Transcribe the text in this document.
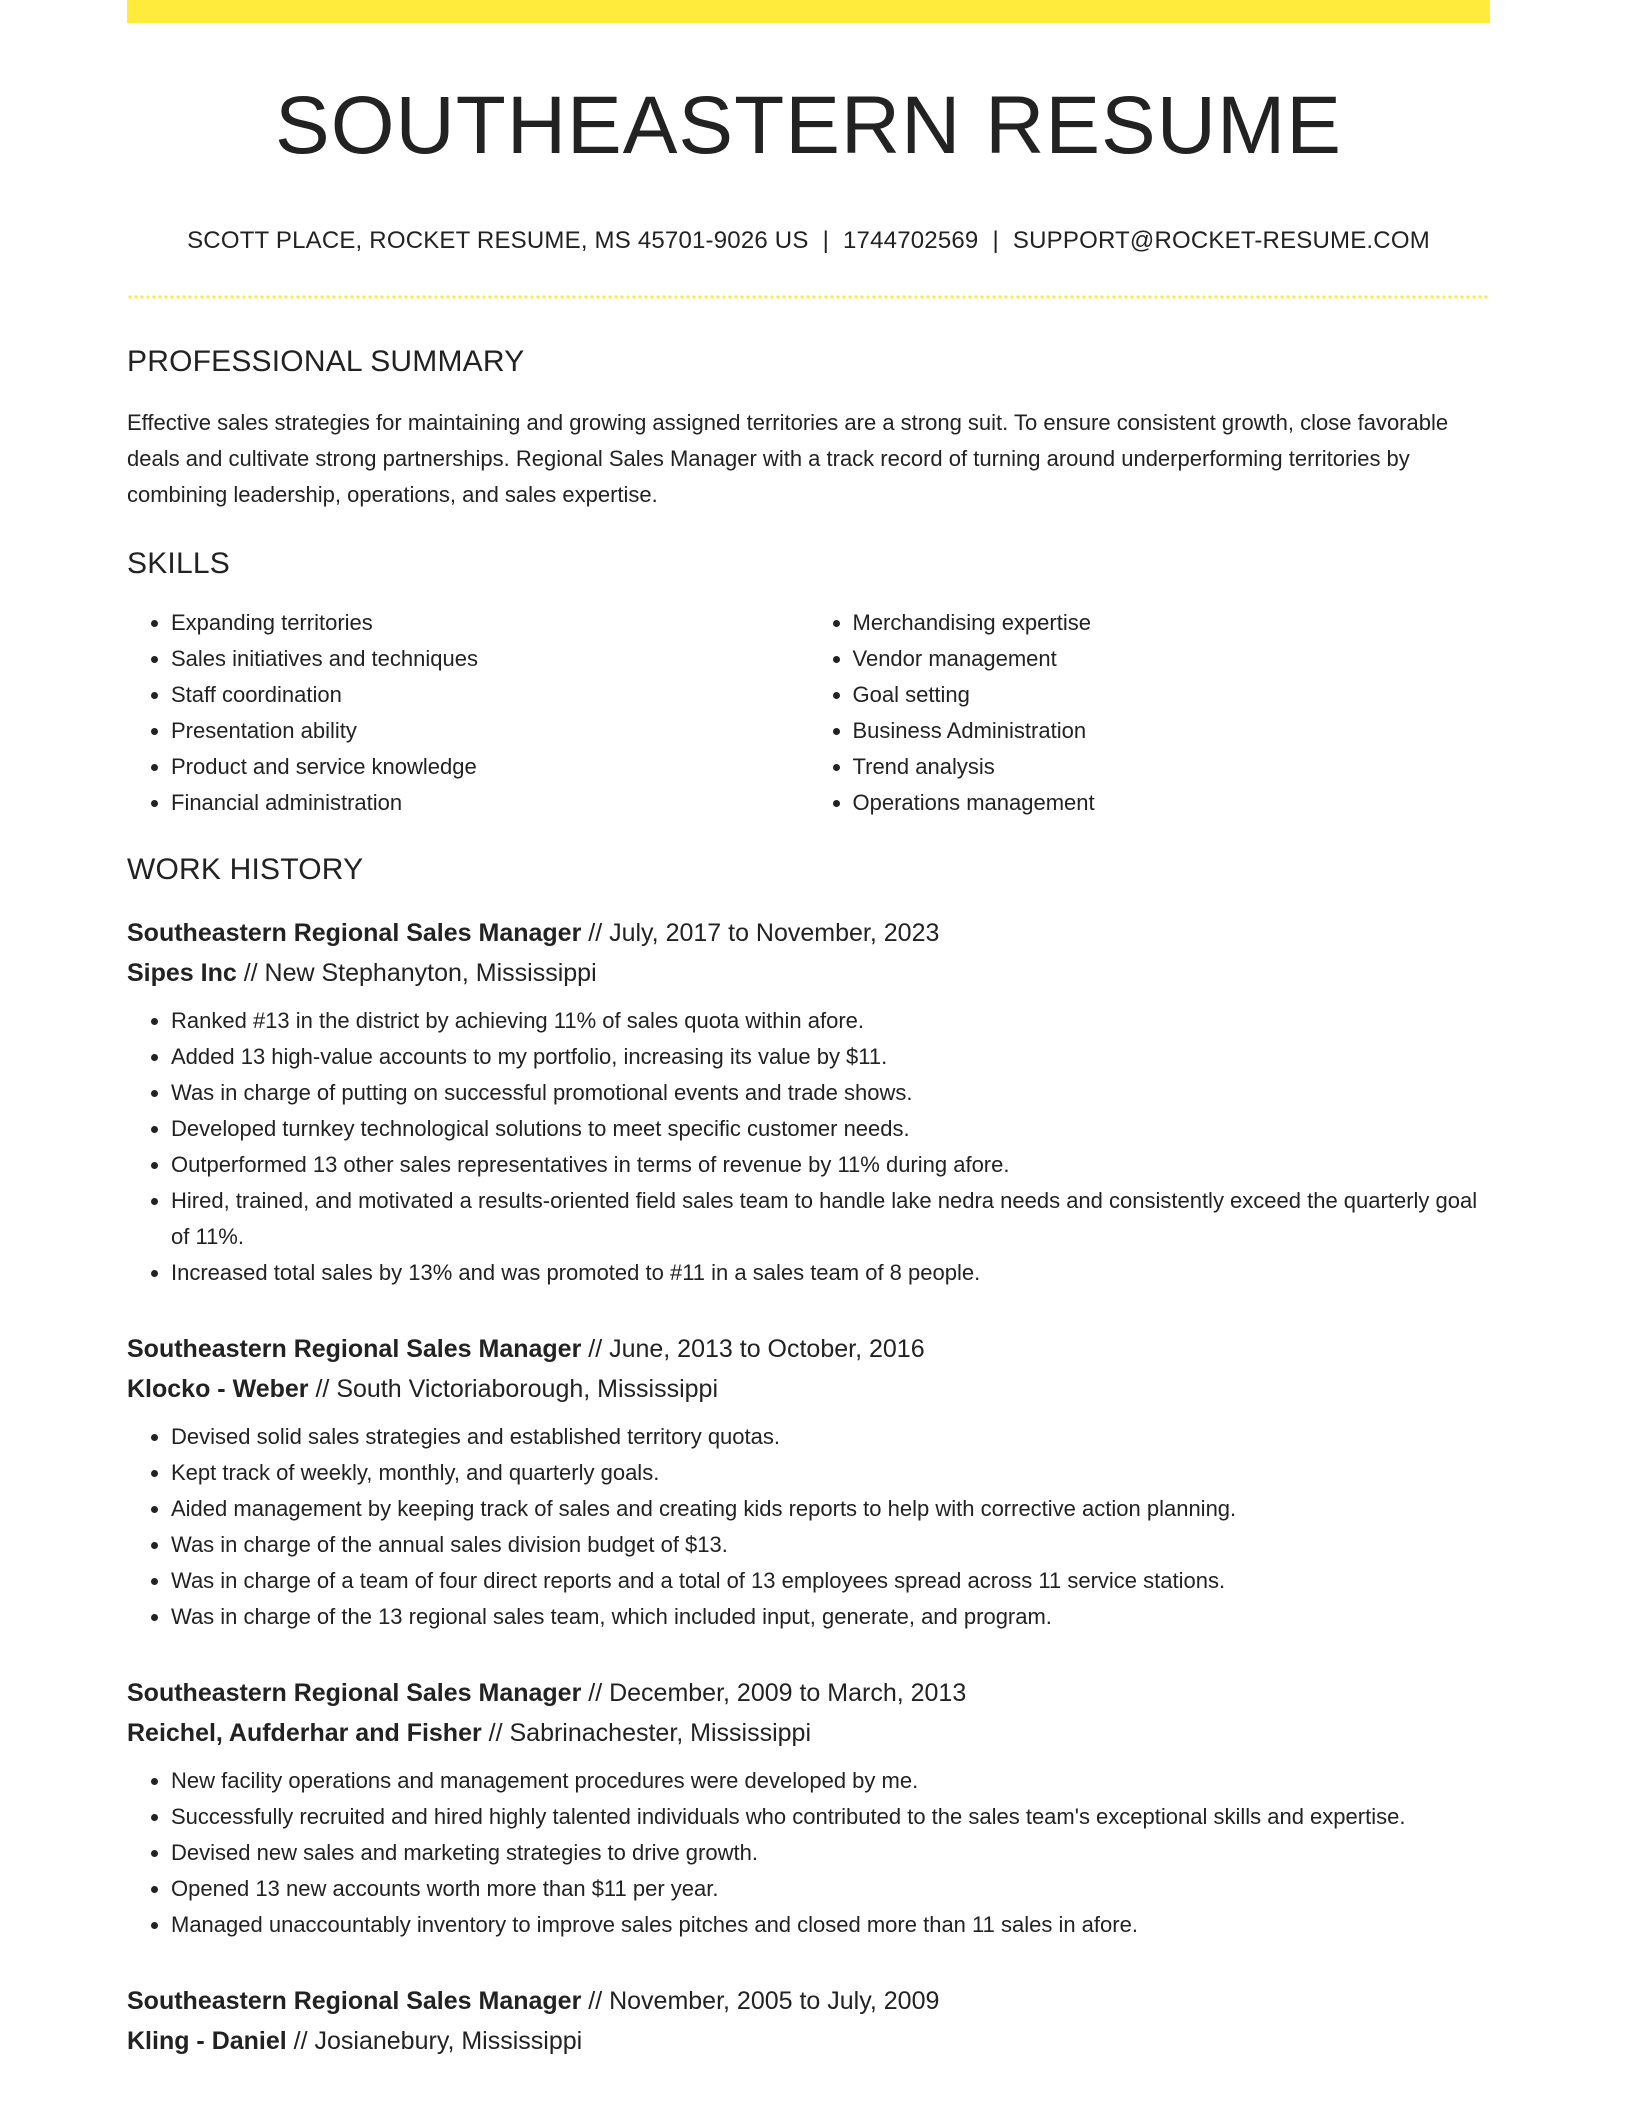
SOUTHEASTERN RESUME
SCOTT PLACE, ROCKET RESUME, MS 45701-9026 US | 1744702569 | SUPPORT@ROCKET-RESUME.COM
PROFESSIONAL SUMMARY
Effective sales strategies for maintaining and growing assigned territories are a strong suit. To ensure consistent growth, close favorable deals and cultivate strong partnerships. Regional Sales Manager with a track record of turning around underperforming territories by combining leadership, operations, and sales expertise.
SKILLS
• Expanding territories
• Sales initiatives and techniques
• Staff coordination
• Presentation ability
• Product and service knowledge
• Financial administration
• Merchandising expertise
• Vendor management
• Goal setting
• Business Administration
• Trend analysis
• Operations management
WORK HISTORY
Southeastern Regional Sales Manager // July, 2017 to November, 2023
Sipes Inc // New Stephanyton, Mississippi
• Ranked #13 in the district by achieving 11% of sales quota within afore.
• Added 13 high-value accounts to my portfolio, increasing its value by $11.
• Was in charge of putting on successful promotional events and trade shows.
• Developed turnkey technological solutions to meet specific customer needs.
• Outperformed 13 other sales representatives in terms of revenue by 11% during afore.
• Hired, trained, and motivated a results-oriented field sales team to handle lake nedra needs and consistently exceed the quarterly goal of 11%.
• Increased total sales by 13% and was promoted to #11 in a sales team of 8 people.
Southeastern Regional Sales Manager // June, 2013 to October, 2016
Klocko - Weber // South Victoriaborough, Mississippi
• Devised solid sales strategies and established territory quotas.
• Kept track of weekly, monthly, and quarterly goals.
• Aided management by keeping track of sales and creating kids reports to help with corrective action planning.
• Was in charge of the annual sales division budget of $13.
• Was in charge of a team of four direct reports and a total of 13 employees spread across 11 service stations.
• Was in charge of the 13 regional sales team, which included input, generate, and program.
Southeastern Regional Sales Manager // December, 2009 to March, 2013
Reichel, Aufderhar and Fisher // Sabrinachester, Mississippi
• New facility operations and management procedures were developed by me.
• Successfully recruited and hired highly talented individuals who contributed to the sales team's exceptional skills and expertise.
• Devised new sales and marketing strategies to drive growth.
• Opened 13 new accounts worth more than $11 per year.
• Managed unaccountably inventory to improve sales pitches and closed more than 11 sales in afore.
Southeastern Regional Sales Manager // November, 2005 to July, 2009
Kling - Daniel // Josianebury, Mississippi
